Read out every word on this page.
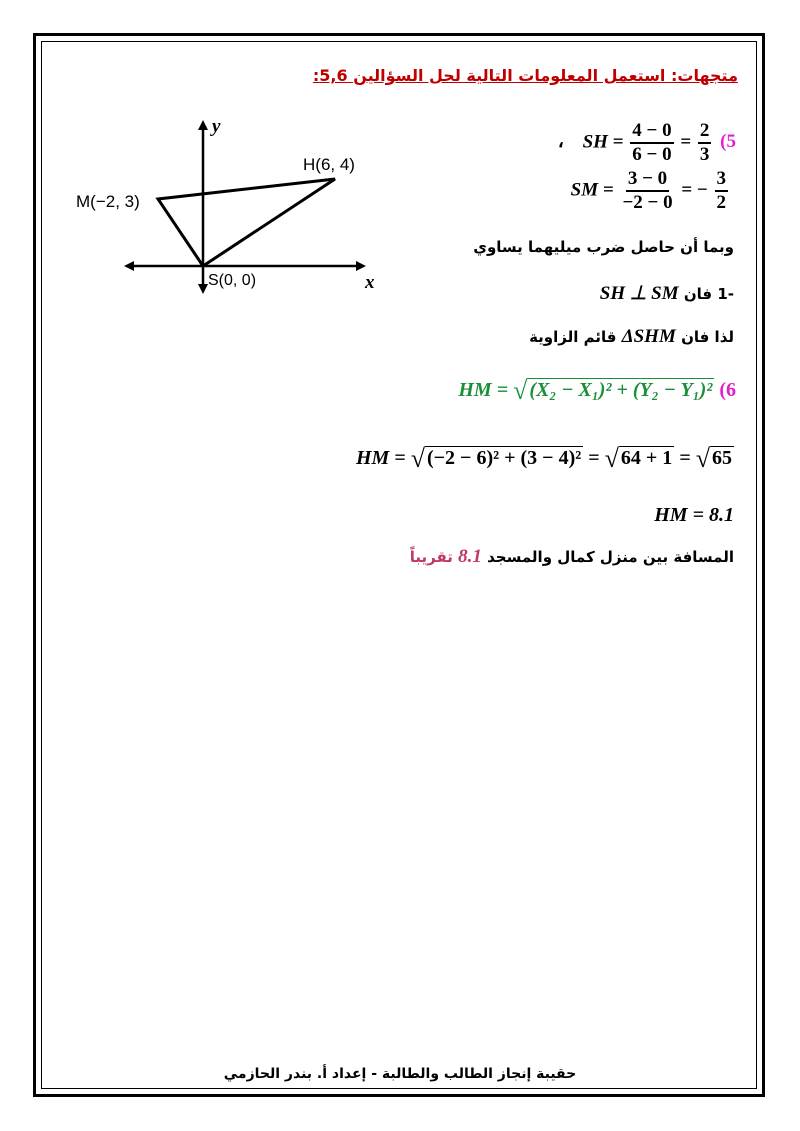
متجهات: استعمل المعلومات التالية لحل السؤالين 5,6:
y
x
M(−2, 3)
H(6, 4)
S(0, 0)
، SH = $\frac{4 - 0}{6 - 0} = \frac{2}{3} (5$
SM = $\frac{3 - 0}{-2 - 0}$ = − $\frac{3}{2}$
وبما أن حاصل ضرب ميليهما يساوي
-1 فان SH ⊥ SM
لذا فان ΔSHM قائم الزاوية
HM = √ (X₂ − X₁)² + (Y₂ − Y₁)² (6
HM = √ (−2 − 6)² + (3 − 4)² = √ 64 + 1 = √ 65
HM = 8.1
المسافة بين منزل كمال والمسجد 8.1 تقريباً
حقيبة إنجاز الطالب والطالبة - إعداد أ. بندر الحازمي
